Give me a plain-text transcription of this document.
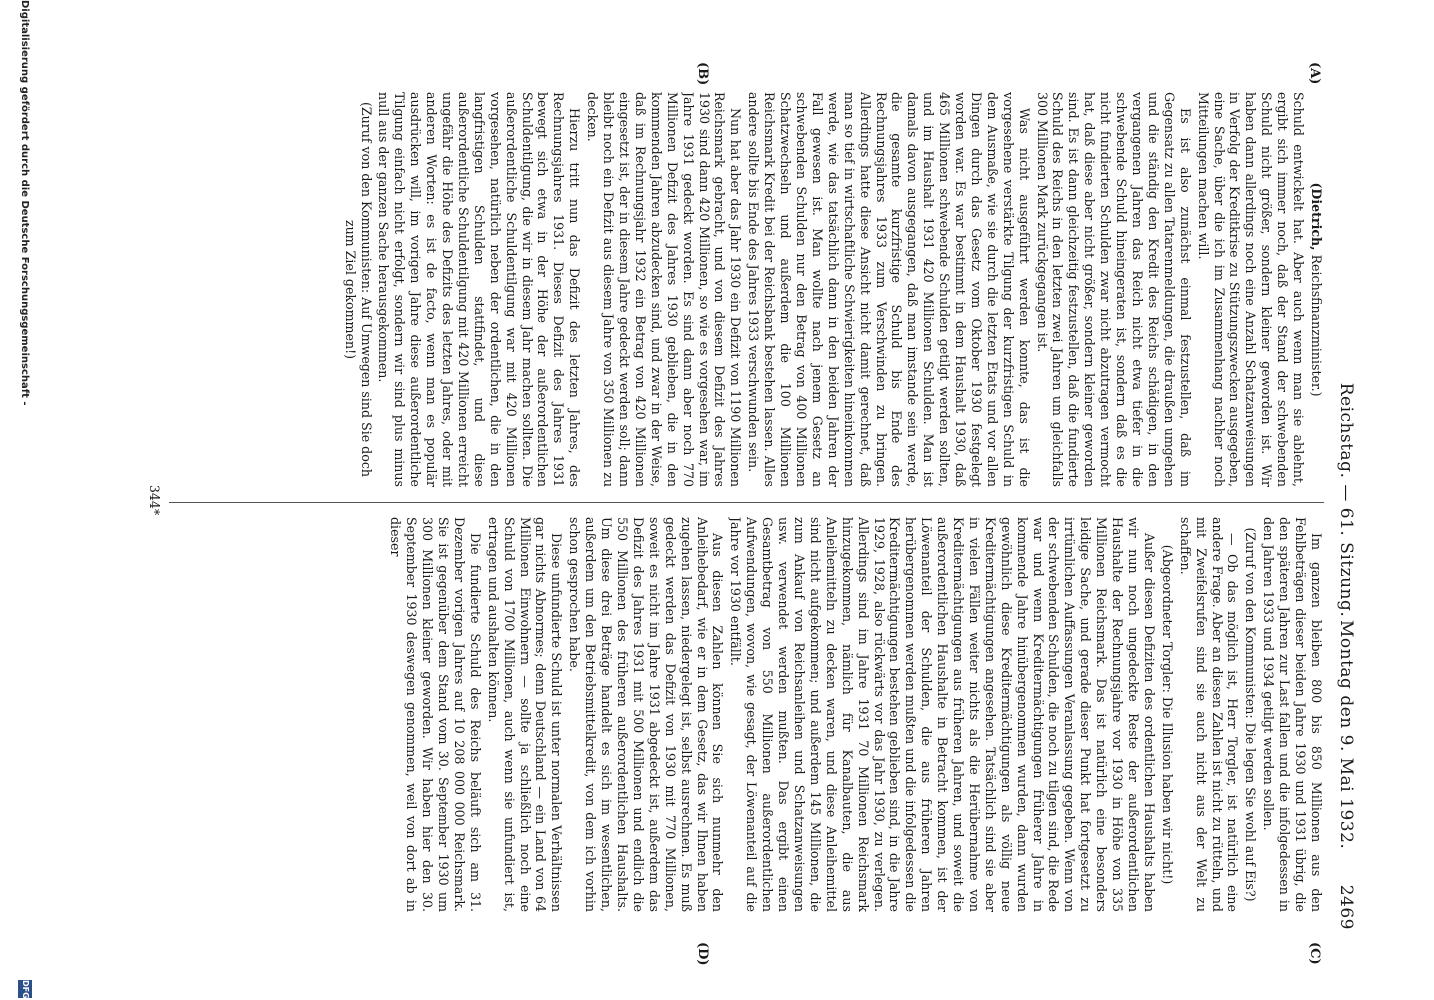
Reichstag. — 61. Sitzung.
Montag den 9. Mai 1932.      2469
(A)
(B)
(C)
(D)

(Dietrich, Reichsfinanzminister.)

Schuld entwickelt hat. Aber auch wenn man sie ablehnt, ergibt sich immer noch, daß der Stand der schwebenden Schuld nicht größer, sondern kleiner geworden ist. Wir haben dann allerdings noch eine Anzahl Schatzanweisungen in Verfolg der Kreditkrise zu Stützungszwecken ausgegeben, eine Sache, über die ich im Zusammenhang nachher noch Mitteilungen machen will.

Es ist also zunächst einmal festzustellen, daß im Gegensatz zu allen Tatarenmeldungen, die draußen umgehen und die ständig den Kredit des Reichs schädigen, in den vergangenen Jahren das Reich nicht etwa tiefer in die schwebende Schuld hineingeraten ist, sondern daß es die nicht fundierten Schulden zwar nicht abzutragen vermocht hat, daß diese aber nicht größer, sondern kleiner geworden sind. Es ist dann gleichzeitig festzustellen, daß die fundierte Schuld des Reichs in den letzten zwei Jahren um gleichfalls 300 Millionen Mark zurückgegangen ist.

Was nicht ausgeführt werden konnte, das ist die vorgesehene verstärkte Tilgung der kurzfristigen Schuld in dem Ausmaße, wie sie durch die letzten Etats und vor allen Dingen durch das Gesetz vom Oktober 1930 festgelegt worden war. Es war bestimmt in dem Haushalt 1930, daß 465 Millionen schwebende Schulden getilgt werden sollten, und im Haushalt 1931 420 Millionen Schulden. Man ist damals davon ausgegangen, daß man imstande sein werde, die gesamte kurzfristige Schuld bis Ende des Rechnungsjahres 1933 zum Verschwinden zu bringen. Allerdings hatte diese Ansicht nicht damit gerechnet, daß man so tief in wirtschaftliche Schwierigkeiten hineinkommen werde, wie das tatsächlich dann in den beiden Jahren der Fall gewesen ist. Man wollte nach jenem Gesetz an schwebenden Schulden nur den Betrag von 400 Millionen Schatzwechseln und außerdem die 100 Millionen Reichsmark Kredit bei der Reichsbank bestehen lassen. Alles andere sollte bis Ende des Jahres 1933 verschwunden sein.

Nun hat aber das Jahr 1930 ein Defizit von 1190 Millionen Reichsmark gebracht, und von diesem Defizit des Jahres 1930 sind dann 420 Millionen, so wie es vorgesehen war, im Jahre 1931 gedeckt worden. Es sind dann aber noch 770 Millionen Defizit des Jahres 1930 geblieben, die in den kommenden Jahren abzudecken sind, und zwar in der Weise, daß im Rechnungsjahr 1932 ein Betrag von 420 Millionen eingesetzt ist, der in diesem Jahre gedeckt werden soll; dann bleibt noch ein Defizit aus diesem Jahre von 350 Millionen zu decken.

Hierzu tritt nun das Defizit des letzten Jahres, des Rechnungsjahres 1931. Dieses Defizit des Jahres 1931 bewegt sich etwa in der Höhe der außerordentlichen Schuldentilgung, die wir in diesem Jahr machen sollten. Die außerordentliche Schuldentilgung war mit 420 Millionen vorgesehen, natürlich neben der ordentlichen, die in den langfristigen Schulden stattfindet, und diese außerordentliche Schuldentilgung mit 420 Millionen erreicht ungefähr die Höhe des Defizits des letzten Jahres, oder mit anderen Worten: es ist de facto, wenn man es populär ausdrücken will, im vorigen Jahre diese außerordentliche Tilgung einfach nicht erfolgt, sondern wir sind plus minus null aus der ganzen Sache herausgekommen.

(Zuruf von den Kommunisten: Auf Umwegen sind Sie doch zum Ziel gekommen!)

Im ganzen bleiben 800 bis 850 Millionen aus den Fehlbeträgen dieser beiden Jahre 1930 und 1931 übrig, die den späteren Jahren zur Last fallen und die infolgedessen in den Jahren 1933 und 1934 getilgt werden sollen.

(Zuruf von den Kommunisten: Die legen Sie wohl auf Eis?)

— Ob das möglich ist, Herr Torgler, ist natürlich eine andere Frage. Aber an diesen Zahlen ist nicht zu rütteln, und mit Zweifelsrufen sind sie auch nicht aus der Welt zu schaffen.

(Abgeordneter Torgler: Die Illusion haben wir nicht!)

Außer diesen Defiziten des ordentlichen Haushalts haben wir nun noch ungedeckte Reste der außerordentlichen Haushalte der Rechnungsjahre vor 1930 in Höhe von 335 Millionen Reichsmark. Das ist natürlich eine besonders leidige Sache, und gerade dieser Punkt hat fortgesetzt zu irrtümlichen Auffassungen Veranlassung gegeben. Wenn von der schwebenden Schulden, die noch zu tilgen sind, die Rede war und wenn Kreditermächtigungen früherer Jahre in kommende Jahre hinübergenommen wurden, dann wurden gewöhnlich diese Kreditermächtigungen als völlig neue Kreditermächtigungen angesehen. Tatsächlich sind sie aber in vielen Fällen weiter nichts als die Herübernahme von Kreditermächtigungen aus früheren Jahren, und soweit die außerordentlichen Haushalte in Betracht kommen, ist der Löwenanteil der Schulden, die aus früheren Jahren herübergenommen werden mußten und die infolgedessen die Kreditermächtigungen bestehen geblieben sind, in die Jahre 1929, 1928, also rückwärts vor das Jahr 1930, zu verlegen. Allerdings sind im Jahre 1931 70 Millionen Reichsmark hinzugekommen, nämlich für Kanalbauten, die aus Anleihemitteln zu decken waren, und diese Anleihemittel sind nicht aufgekommen; und außerdem 145 Millionen, die zum Ankauf von Reichsanleihen und Schatzanweisungen usw. verwendet werden mußten. Das ergibt einen Gesamtbetrag von 550 Millionen außerordentlichen Aufwendungen, wovon, wie gesagt, der Löwenanteil auf die Jahre vor 1930 entfällt.

Aus diesen Zahlen können Sie sich nunmehr den Anleihebedarf, wie er in dem Gesetz, das wir Ihnen haben zugehen lassen, niedergelegt ist, selbst ausrechnen. Es muß gedeckt werden das Defizit von 1930 mit 770 Millionen, soweit es nicht im Jahre 1931 abgedeckt ist, außerdem das Defizit des Jahres 1931 mit 500 Millionen und endlich die 550 Millionen des früheren außerordentlichen Haushalts. Um diese drei Beträge handelt es sich im wesentlichen, außerdem um den Betriebsmittelkredit, von dem ich vorhin schon gesprochen habe.

Diese unfundierte Schuld ist unter normalen Verhältnissen gar nichts Abnormes; denn Deutschland — ein Land von 64 Millionen Einwohnern — sollte ja schließlich noch eine Schuld von 1700 Millionen, auch wenn sie unfundiert ist, ertragen und aushalten können.

Die fundierte Schuld des Reichs beläuft sich am 31. Dezember vorigen Jahres auf 10 208 000 000 Reichsmark. Sie ist gegenüber dem Stand vom 30. September 1930 um 300 Millionen kleiner geworden. Wir haben hier den 30. September 1930 deswegen genommen, weil von dort ab in dieser

344*
Digitalisierung gefördert durch die Deutsche Forschungsgemeinschaft -
DFG
